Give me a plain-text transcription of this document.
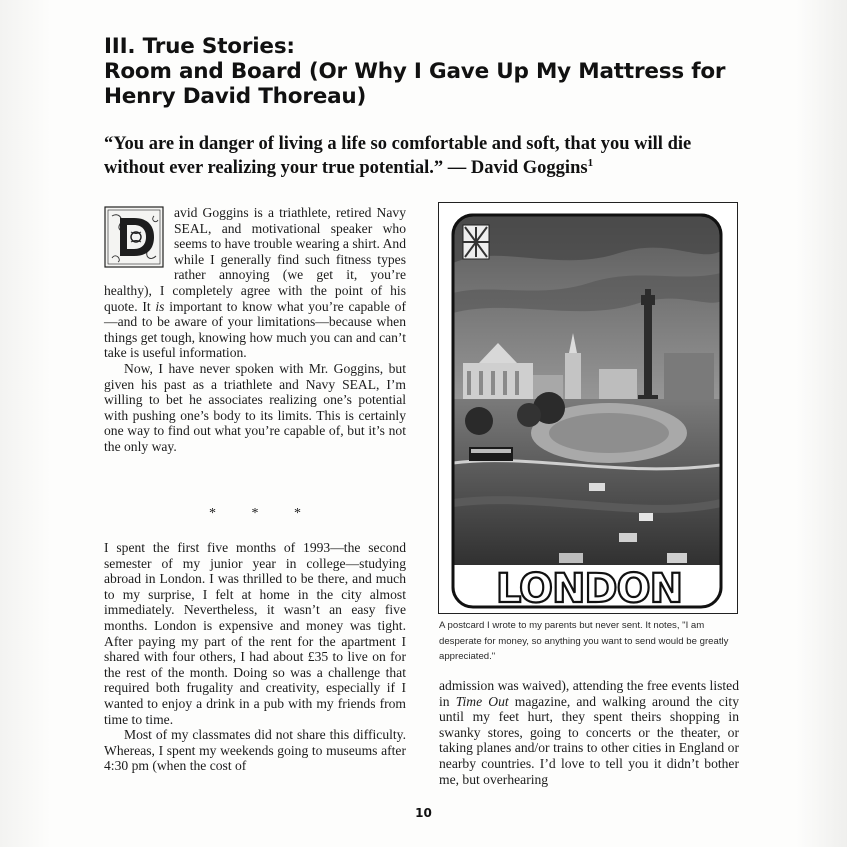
III. True Stories:
Room and Board (Or Why I Gave Up My Mattress for
Henry David Thoreau)
“You are in danger of living a life so comfortable and soft, that you will die without ever realizing your true potential.” — David Goggins$^1$

avid Goggins is a triathlete, retired Navy SEAL, and motivational speaker who seems to have trouble wearing a shirt. And while I generally find such fitness types rather annoying (we get it, you’re healthy), I completely agree with the point of his quote. It is important to know what you’re capable of—and to be aware of your limitations—because when things get tough, knowing how much you can and can’t take is useful information.

Now, I have never spoken with Mr. Goggins, but given his past as a triathlete and Navy SEAL, I’m willing to bet he associates realizing one’s potential with pushing one’s body to its limits. This is certainly one way to find out what you’re capable of, but it’s not the only way.

*	*	*

I spent the first five months of 1993—the second semester of my junior year in college—studying abroad in London. I was thrilled to be there, and much to my surprise, I felt at home in the city almost immediately. Nevertheless, it wasn’t an easy five months. London is expensive and money was tight. After paying my part of the rent for the apartment I shared with four others, I had about £35 to live on for the rest of the month. Doing so was a challenge that required both frugality and creativity, especially if I wanted to enjoy a drink in a pub with my friends from time to time.

Most of my classmates did not share this difficulty. Whereas, I spent my weekends going to museums after 4:30 pm (when the cost of

LONDON
A postcard I wrote to my parents but never sent. It notes, "I am desperate for money, so anything you want to send would be greatly appreciated."

admission was waived), attending the free events listed in Time Out magazine, and walking around the city until my feet hurt, they spent theirs shopping in swanky stores, going to concerts or the theater, or taking planes and/or trains to other cities in England or nearby countries. I’d love to tell you it didn’t bother me, but overhearing

10
